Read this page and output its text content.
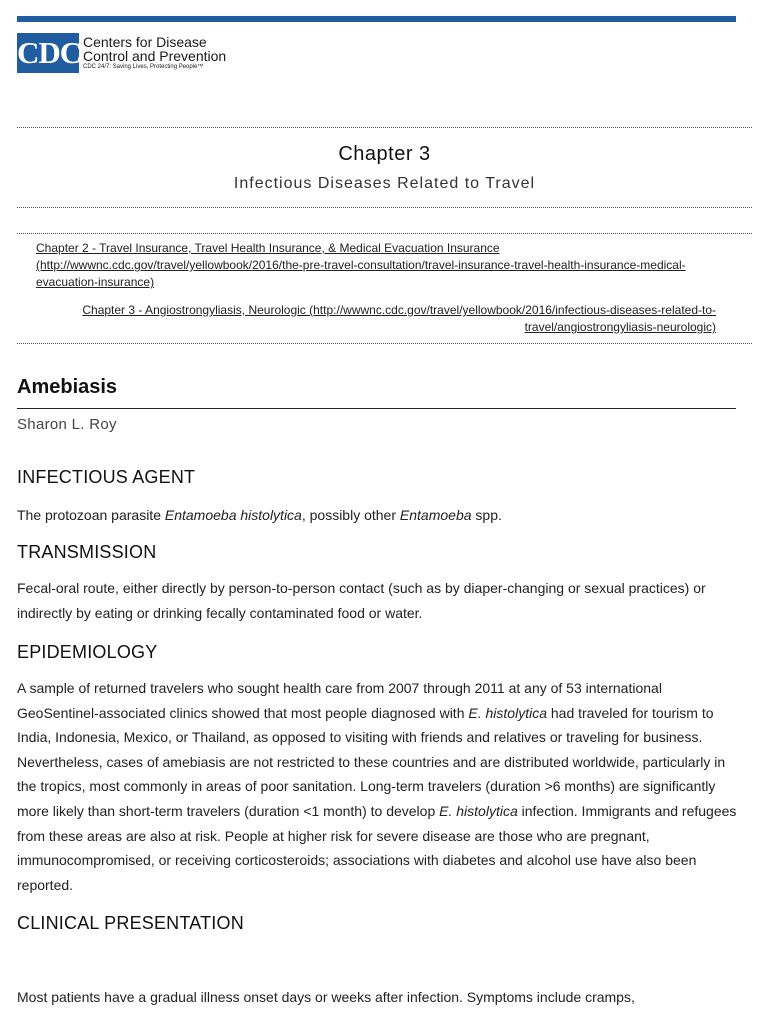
CDC Centers for Disease
Control and Prevention
CDC 24/7: Saving Lives, Protecting People™
Chapter 3
Infectious Diseases Related to Travel
Chapter 2 - Travel Insurance, Travel Health Insurance, & Medical Evacuation Insurance (http://wwwnc.cdc.gov/travel/yellowbook/2016/the-pre-travel-consultation/travel-insurance-travel-health-insurance-medical-evacuation-insurance)
Chapter 3 - Angiostrongyliasis, Neurologic (http://wwwnc.cdc.gov/travel/yellowbook/2016/infectious-diseases-related-to-travel/angiostrongyliasis-neurologic)
Amebiasis
Sharon L. Roy
INFECTIOUS AGENT
The protozoan parasite Entamoeba histolytica, possibly other Entamoeba spp.
TRANSMISSION
Fecal-oral route, either directly by person-to-person contact (such as by diaper-changing or sexual practices) or indirectly by eating or drinking fecally contaminated food or water.
EPIDEMIOLOGY
A sample of returned travelers who sought health care from 2007 through 2011 at any of 53 international GeoSentinel-associated clinics showed that most people diagnosed with E. histolytica had traveled for tourism to India, Indonesia, Mexico, or Thailand, as opposed to visiting with friends and relatives or traveling for business. Nevertheless, cases of amebiasis are not restricted to these countries and are distributed worldwide, particularly in the tropics, most commonly in areas of poor sanitation. Long-term travelers (duration >6 months) are significantly more likely than short-term travelers (duration <1 month) to develop E. histolytica infection. Immigrants and refugees from these areas are also at risk. People at higher risk for severe disease are those who are pregnant, immunocompromised, or receiving corticosteroids; associations with diabetes and alcohol use have also been reported.
CLINICAL PRESENTATION
Most patients have a gradual illness onset days or weeks after infection. Symptoms include cramps,
